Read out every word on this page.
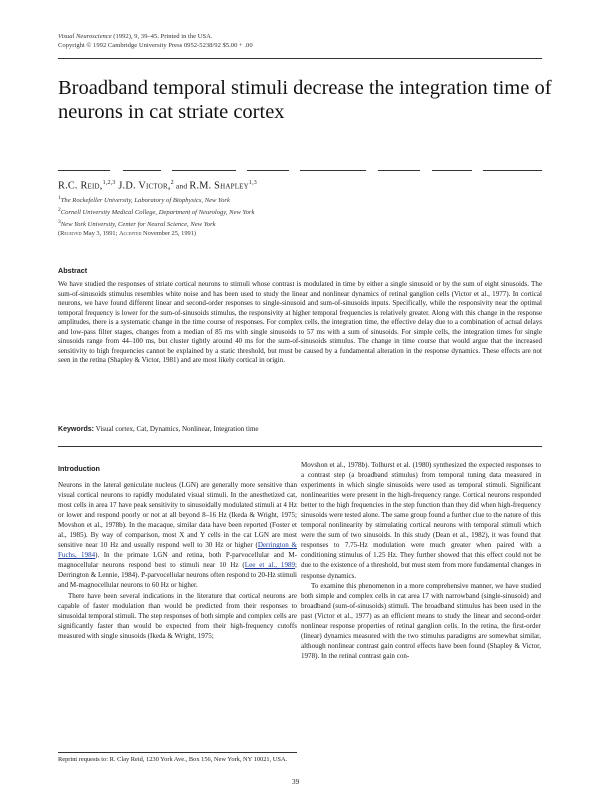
Visual Neuroscience (1992), 9, 39–45. Printed in the USA.
Copyright © 1992 Cambridge University Press 0952-5238/92 $5.00 + .00
Broadband temporal stimuli decrease the integration time of neurons in cat striate cortex
R.C. Reid,$^{1,2,3}$ J.D. Victor,$^2$ and R.M. Shapley$^{1,3}$
$^1$The Rockefeller University, Laboratory of Biophysics, New York
$^2$Cornell University Medical College, Department of Neurology, New York
$^3$New York University, Center for Neural Science, New York
(Received May 3, 1991; Accepted November 25, 1991)
Abstract
We have studied the responses of striate cortical neurons to stimuli whose contrast is modulated in time by either a single sinusoid or by the sum of eight sinusoids. The sum-of-sinusoids stimulus resembles white noise and has been used to study the linear and nonlinear dynamics of retinal ganglion cells (Victor et al., 1977). In cortical neurons, we have found different linear and second-order responses to single-sinusoid and sum-of-sinusoids inputs. Specifically, while the responsivity near the optimal temporal frequency is lower for the sum-of-sinusoids stimulus, the responsivity at higher temporal frequencies is relatively greater. Along with this change in the response amplitudes, there is a systematic change in the time course of responses. For complex cells, the integration time, the effective delay due to a combination of actual delays and low-pass filter stages, changes from a median of 85 ms with single sinusoids to 57 ms with a sum of sinusoids. For simple cells, the integration times for single sinusoids range from 44–100 ms, but cluster tightly around 40 ms for the sum-of-sinusoids stimulus. The change in time course that would argue that the increased sensitivity to high frequencies cannot be explained by a static threshold, but must be caused by a fundamental alteration in the response dynamics. These effects are not seen in the retina (Shapley & Victor, 1981) and are most likely cortical in origin.
Keywords: Visual cortex, Cat, Dynamics, Nonlinear, Integration time
Introduction

Neurons in the lateral geniculate nucleus (LGN) are generally more sensitive than visual cortical neurons to rapidly modulated visual stimuli. In the anesthetized cat, most cells in area 17 have peak sensitivity to sinusoidally modulated stimuli at 4 Hz or lower and respond poorly or not at all beyond 8–16 Hz (Ikeda & Wright, 1975; Movshon et al., 1978b). In the macaque, similar data have been reported (Foster et al., 1985). By way of comparison, most X and Y cells in the cat LGN are most sensitive near 10 Hz and usually respond well to 30 Hz or higher (Derrington & Fuchs, 1984). In the primate LGN and retina, both P-parvocellular and M-magnocellular neurons respond best to stimuli near 10 Hz (Lee et al., 1989; Derrington & Lennie, 1984). P-parvocellular neurons often respond to 20-Hz stimuli and M-magnocellular neurons to 60 Hz or higher.

There have been several indications in the literature that cortical neurons are capable of faster modulation than would be predicted from their responses to sinusoidal temporal stimuli. The step responses of both simple and complex cells are significantly faster than would be expected from their high-frequency cutoffs measured with single sinusoids (Ikeda & Wright, 1975;

Movshon et al., 1978b). Tolhurst et al. (1980) synthesized the expected responses to a contrast step (a broadband stimulus) from temporal tuning data measured in experiments in which single sinusoids were used as temporal stimuli. Significant nonlinearities were present in the high-frequency range. Cortical neurons responded better to the high frequencies in the step function than they did when high-frequency sinusoids were tested alone. The same group found a further clue to the nature of this temporal nonlinearity by stimulating cortical neurons with temporal stimuli which were the sum of two sinusoids. In this study (Dean et al., 1982), it was found that responses to 7.75-Hz modulation were much greater when paired with a conditioning stimulus of 1.25 Hz. They further showed that this effect could not be due to the existence of a threshold, but must stem from more fundamental changes in response dynamics.

To examine this phenomenon in a more comprehensive manner, we have studied both simple and complex cells in cat area 17 with narrowband (single-sinusoid) and broadband (sum-of-sinusoids) stimuli. The broadband stimulus has been used in the past (Victor et al., 1977) as an efficient means to study the linear and second-order nonlinear response properties of retinal ganglion cells. In the retina, the first-order (linear) dynamics measured with the two stimulus paradigms are somewhat similar, although nonlinear contrast gain control effects have been found (Shapley & Victor, 1978). In the retinal contrast gain con-

Reprint requests to: R. Clay Reid, 1230 York Ave., Box 156, New York, NY 10021, USA.
39
